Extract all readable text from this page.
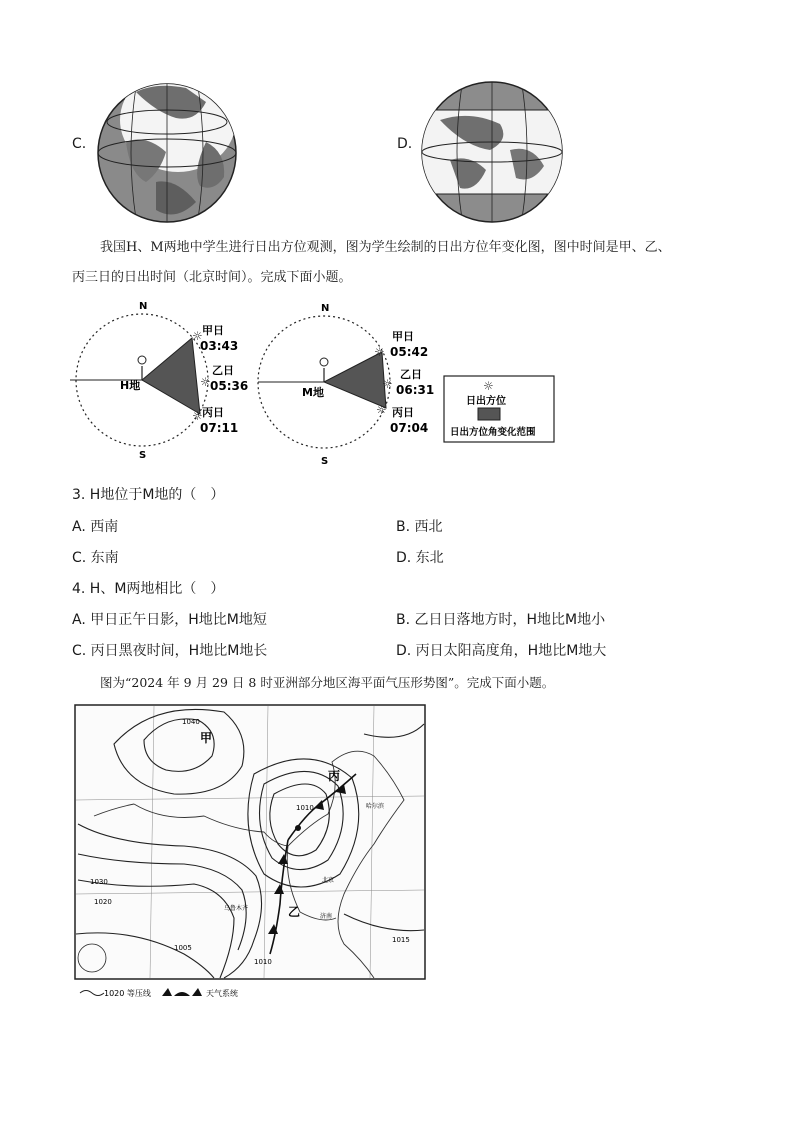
C.	D.
我国H、M两地中学生进行日出方位观测，图为学生绘制的日出方位年变化图，图中时间是甲、乙、
丙三日的日出时间（北京时间）。完成下面小题。
N
S
H地
☼
☼
☼
甲日
03:43
乙日
05:36
丙日
07:11
N
S
M地
☼
☼
☼
甲日
05:42
乙日
06:31
丙日
07:04
☼
日出方位
日出方位角变化范围
3. H地位于M地的（　）
A. 西南	B. 西北
C. 东南	D. 东北
4. H、M两地相比（　）
A. 甲日正午日影，H地比M地短	B. 乙日日落地方时，H地比M地小
C. 丙日黑夜时间，H地比M地长	D. 丙日太阳高度角，H地比M地大
图为“2024 年 9 月 29 日 8 时亚洲部分地区海平面气压形势图”。完成下面小题。
甲
乙
丙
1040
1030
1020
1010
1005
1010
1015
北京
济南
哈尔滨
乌鲁木齐
1020 等压线	天气系统
